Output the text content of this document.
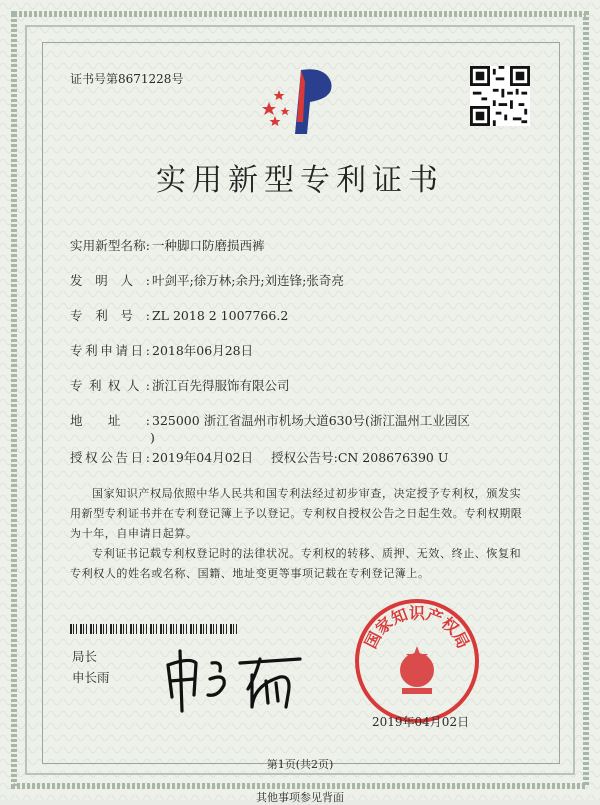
证书号第8671228号
实用新型专利证书
实用新型名称: 一种脚口防磨损西裤
发明人: 叶剑平;徐万林;余丹;刘连锋;张奇亮
专利号: ZL 2018 2 1007766.2
专利申请日: 2018年06月28日
专利权人: 浙江百先得服饰有限公司
地址: 325000 浙江省温州市机场大道630号(浙江温州工业园区
)
授权公告日: 2019年04月02日 授权公告号:CN 208676390 U
国家知识产权局依照中华人民共和国专利法经过初步审查，决定授予专利权，颁发实用新型专利证书并在专利登记簿上予以登记。专利权自授权公告之日起生效。专利权期限为十年，自申请日起算。
专利证书记载专利权登记时的法律状况。专利权的转移、质押、无效、终止、恢复和专利权人的姓名或名称、国籍、地址变更等事项记载在专利登记簿上。
局长
申长雨
国家知识产权局
2019年04月02日
第1页(共2页)
其他事项参见背面
